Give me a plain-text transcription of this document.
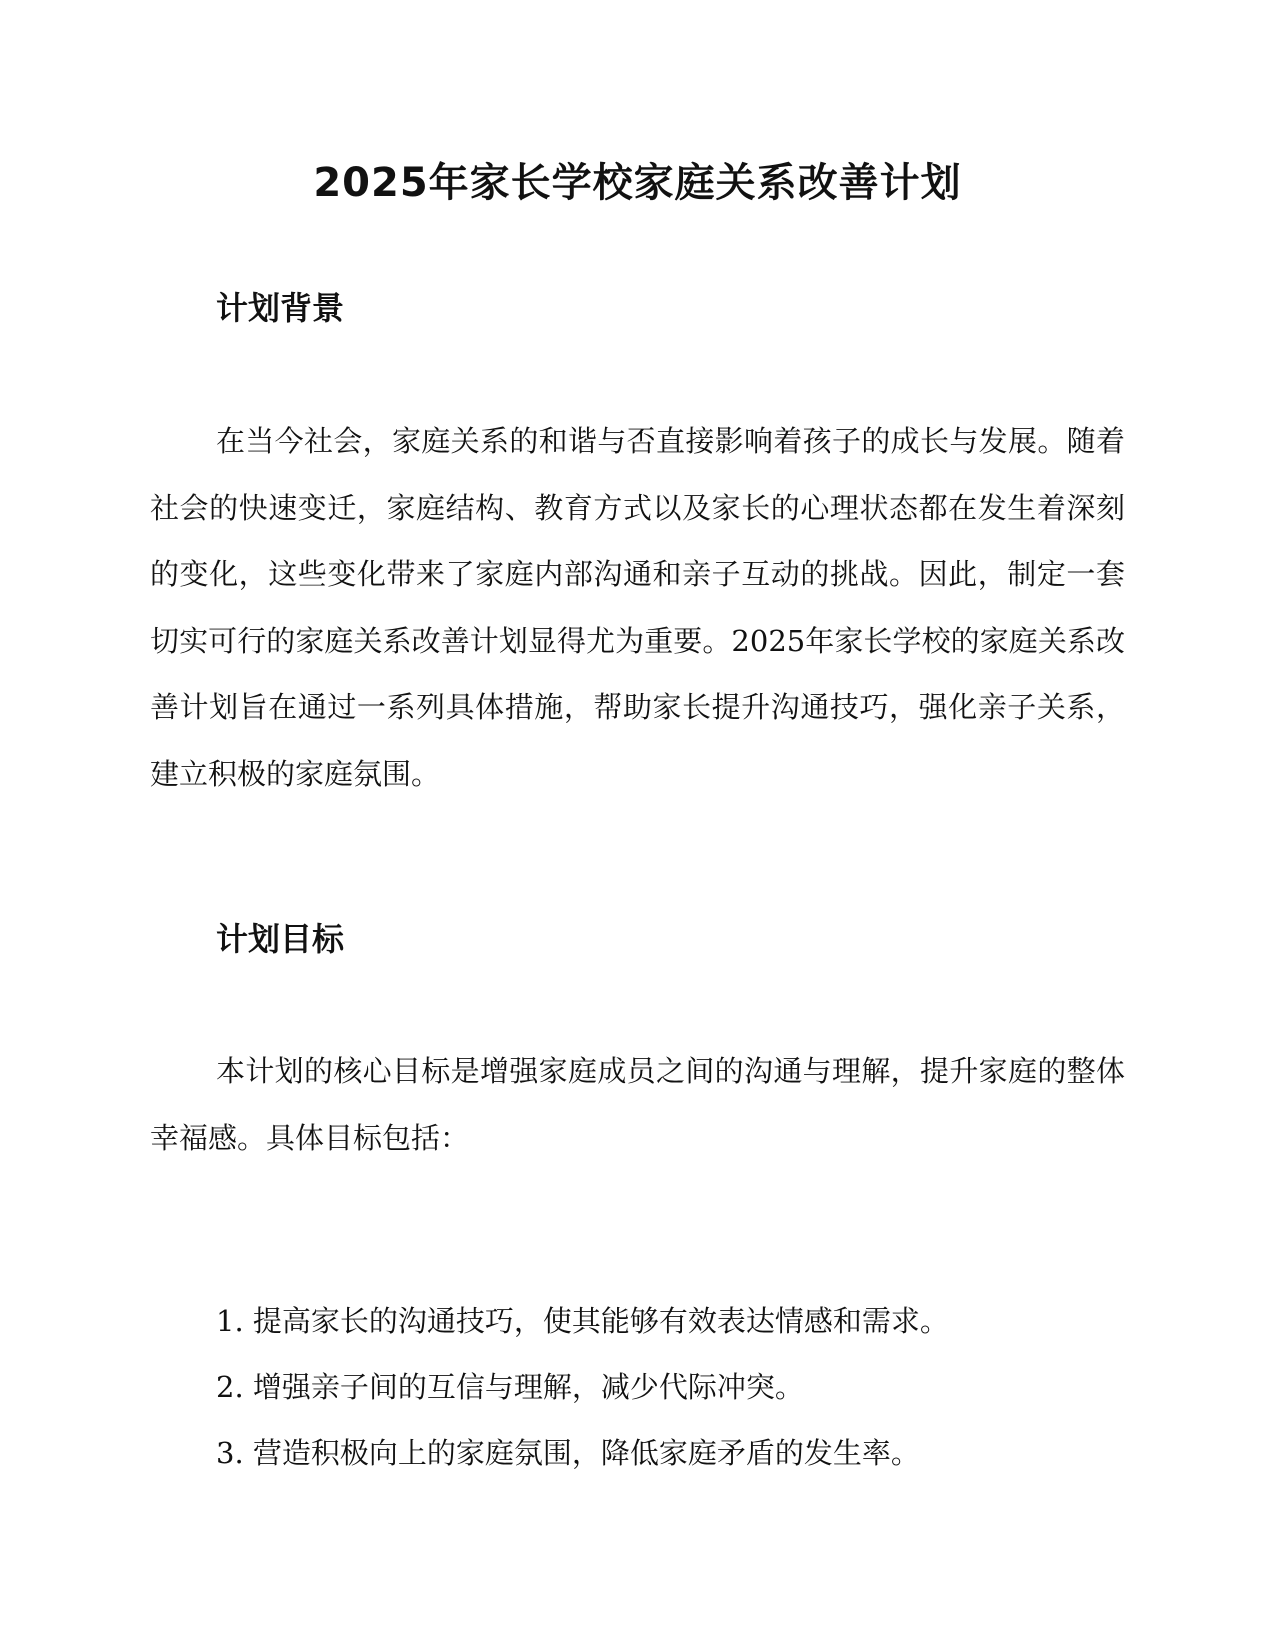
2025年家长学校家庭关系改善计划
计划背景

在当今社会，家庭关系的和谐与否直接影响着孩子的成长与发展。随着社会的快速变迁，家庭结构、教育方式以及家长的心理状态都在发生着深刻的变化，这些变化带来了家庭内部沟通和亲子互动的挑战。因此，制定一套切实可行的家庭关系改善计划显得尤为重要。2025年家长学校的家庭关系改善计划旨在通过一系列具体措施，帮助家长提升沟通技巧，强化亲子关系，建立积极的家庭氛围。

计划目标

本计划的核心目标是增强家庭成员之间的沟通与理解，提升家庭的整体幸福感。具体目标包括：

1. 提高家长的沟通技巧，使其能够有效表达情感和需求。
2. 增强亲子间的互信与理解，减少代际冲突。
3. 营造积极向上的家庭氛围，降低家庭矛盾的发生率。
